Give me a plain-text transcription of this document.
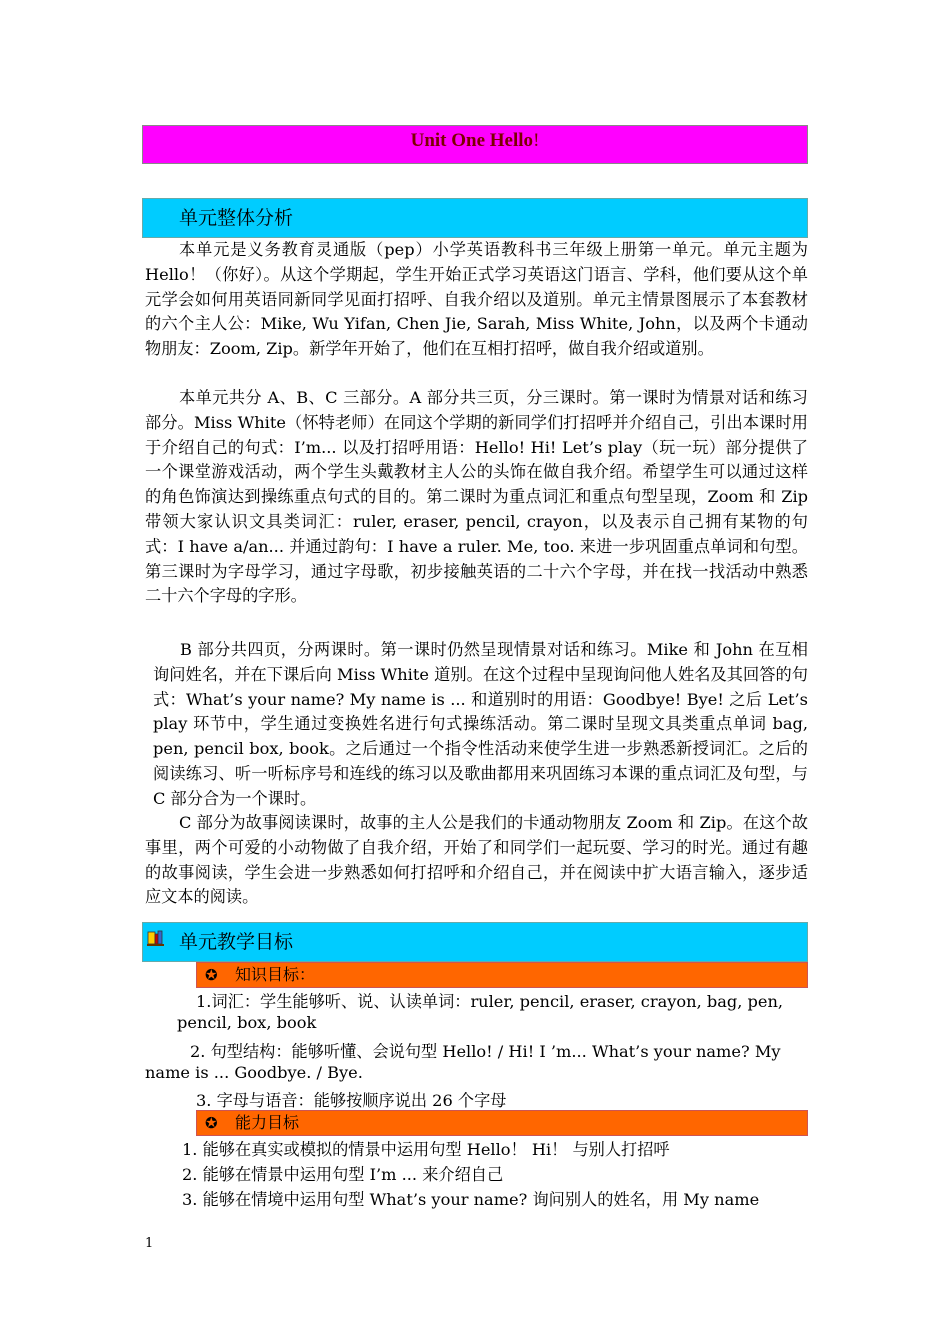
Unit One Hello!
单元整体分析
本单元是义务教育灵通版（pep）小学英语教科书三年级上册第一单元。单元主题为 Hello！（你好）。从这个学期起，学生开始正式学习英语这门语言、学科，他们要从这个单元学会如何用英语同新同学见面打招呼、自我介绍以及道别。单元主情景图展示了本套教材的六个主人公：Mike, Wu Yifan, Chen Jie, Sarah, Miss White, John，以及两个卡通动物朋友：Zoom, Zip。新学年开始了，他们在互相打招呼，做自我介绍或道别。
本单元共分 A、B、C 三部分。A 部分共三页，分三课时。第一课时为情景对话和练习部分。Miss White（怀特老师）在同这个学期的新同学们打招呼并介绍自己，引出本课时用于介绍自己的句式：I’m... 以及打招呼用语：Hello! Hi! Let’s play（玩一玩）部分提供了一个课堂游戏活动，两个学生头戴教材主人公的头饰在做自我介绍。希望学生可以通过这样的角色饰演达到操练重点句式的目的。第二课时为重点词汇和重点句型呈现，Zoom 和 Zip 带领大家认识文具类词汇：ruler, eraser, pencil, crayon，以及表示自己拥有某物的句式：I have a/an... 并通过韵句：I have a ruler. Me, too. 来进一步巩固重点单词和句型。第三课时为字母学习，通过字母歌，初步接触英语的二十六个字母，并在找一找活动中熟悉二十六个字母的字形。
B 部分共四页，分两课时。第一课时仍然呈现情景对话和练习。Mike 和 John 在互相询问姓名，并在下课后向 Miss White 道别。在这个过程中呈现询问他人姓名及其回答的句式：What’s your name? My name is ... 和道别时的用语：Goodbye! Bye! 之后 Let’s play 环节中，学生通过变换姓名进行句式操练活动。第二课时呈现文具类重点单词 bag, pen, pencil box, book。之后通过一个指令性活动来使学生进一步熟悉新授词汇。之后的阅读练习、听一听标序号和连线的练习以及歌曲都用来巩固练习本课的重点词汇及句型，与 C 部分合为一个课时。
C 部分为故事阅读课时，故事的主人公是我们的卡通动物朋友 Zoom 和 Zip。在这个故事里，两个可爱的小动物做了自我介绍，开始了和同学们一起玩耍、学习的时光。通过有趣的故事阅读，学生会进一步熟悉如何打招呼和介绍自己，并在阅读中扩大语言输入，逐步适应文本的阅读。
单元教学目标
✪ 知识目标：
1.词汇：学生能够听、说、认读单词：ruler, pencil, eraser, crayon, bag, pen,
pencil, box, book
2. 句型结构：能够听懂、会说句型 Hello! / Hi! I ’m... What’s your name? My
name is ... Goodbye. / Bye.
3. 字母与语音：能够按顺序说出 26 个字母
✪ 能力目标
1. 能够在真实或模拟的情景中运用句型 Hello！ Hi！ 与别人打招呼
2. 能够在情景中运用句型 I’m ... 来介绍自己
3. 能够在情境中运用句型 What’s your name? 询问别人的姓名，用 My name
1
